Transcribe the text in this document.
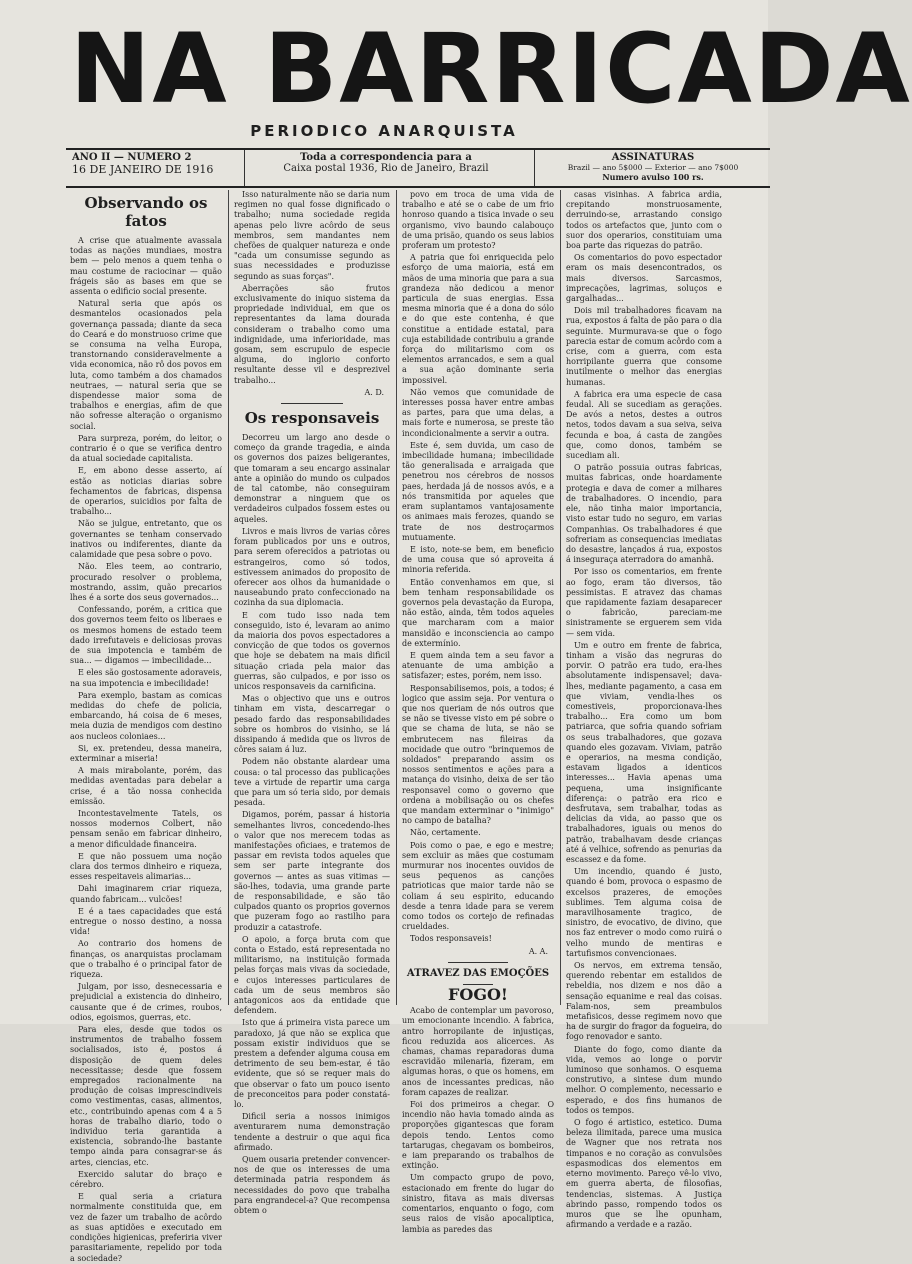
NA BARRICADA
PERIODICO ANARQUISTA
ANO II — NUMERO 2
16 DE JANEIRO DE 1916
Toda a correspondencia para a
Caixa postal 1936, Rio de Janeiro, Brazil
ASSINATURAS
Brazil — ano 5$000 — Exterior — ano 7$000
Numero avulso 100 rs.
Observando os fatos

A crise que atualmente avassala todas as nações mundiaes, mostra bem — pelo menos a quem tenha o mau costume de raciocinar — quão frágeis são as bases em que se assenta o edificio social presente.

Natural seria que após os desmantelos ocasionados pela governança passada; diante da seca do Ceará e do monstruoso crime que se consuma na velha Europa, transtornando consideravelmente a vida economica, não rô dos povos em luta, como também a dos chamados neutraes, — natural seria que se dispendesse maior soma de trabalhos e energias, afim de que não sofresse alteração o organismo social.

Para surpreza, porém, do leitor, o contrario é o que se verifica dentro da atual sociedade capitalista.

E, em abono desse asserto, aí estão as noticias diarias sobre fechamentos de fabricas, dispensa de operarios, suicidios por falta de trabalho...

Não se julgue, entretanto, que os governantes se tenham conservado inativos ou indiferentes, diante da calamidade que pesa sobre o povo.

Não. Eles teem, ao contrario, procurado resolver o problema, mostrando, assim, quão precarios lhes é a sorte dos seus governados...

Confessando, porém, a critica que dos governos teem feito os liberaes e os mesmos homens de estado teem dado irrefutaveis e deliciosas provas de sua impotencia e também de sua... — digamos — imbecilidade...

E eles são gostosamente adoraveis, na sua impotencia e imbecilidade!

Para exemplo, bastam as comicas medidas do chefe de policia, embarcando, há coisa de 6 meses, meia duzia de mendigos com destino aos nucleos coloniaes...

Si, ex. pretendeu, dessa maneira, exterminar a miseria!

A mais mirabolante, porém, das medidas aventadas para debelar a crise, é a tão nossa conhecida emissão.

Incontestavelmente Tatels, os nossos modernos Colbert, não pensam senão em fabricar dinheiro, a menor dificuldade financeira.

E que não possuem uma noção clara dos termos dinheiro e riqueza, esses respeitaveis alimarias...

Dahi imaginarem criar riqueza, quando fabricam... vulcões!

E é a taes capacidades que está entregue o nosso destino, a nossa vida!

Ao contrario dos homens de finanças, os anarquistas proclamam que o trabalho é o principal fator de riqueza.

Julgam, por isso, desnecessaria e prejudicial a existencia do dinheiro, causante que é de crimes, roubos, odios, egoismos, guerras, etc.

Para eles, desde que todos os instrumentos de trabalho fossem socialisados, isto é, postos á disposição de quem deles necessitasse; desde que fossem empregados racionalmente na produção de coisas imprescindiveis como vestimentas, casas, alimentos, etc., contribuindo apenas com 4 a 5 horas de trabalho diario, todo o individuo teria garantida a existencia, sobrando-lhe bastante tempo ainda para consagrar-se ás artes, ciencias, etc.

Exercido salutar do braço e cérebro.

E qual seria a criatura normalmente constituida que, em vez de fazer um trabalho de acôrdo as suas aptidões e executado em condições higienicas, preferiria viver parasitariamente, repelido por toda a sociedade?

Isso naturalmente não se daria num regimen no qual fosse dignificado o trabalho; numa sociedade regida apenas pelo livre acôrdo de seus membros, sem mandantes nem chefões de qualquer natureza e onde "cada um consumisse segundo as suas necessidades e produzisse segundo as suas forças".

Aberrações são frutos exclusivamente do iniquo sistema da propriedade individual, em que os representantes da lama dourada consideram o trabalho como uma indignidade, uma inferioridade, mas gosam, sem escrupulo de especie alguma, do inglorio conforto resultante desse vil e desprezivel trabalho...

A. D.
Os responsaveis

Decorreu um largo ano desde o começo da grande tragedia, e ainda os governos dos paizes beligerantes, que tomaram a seu encargo assinalar ante a opinião do mundo os culpados de tal catombe, não conseguiram demonstrar a ninguem que os verdadeiros culpados fossem estes ou aqueles.

Livros e mais livros de varias côres foram publicados por uns e outros, para serem oferecidos a patriotas ou estrangeiros, como só todos, estivessem animados do proposito de oferecer aos olhos da humanidade o nauseabundo prato confeccionado na cozinha da sua diplomacia.

E com tudo isso nada tem conseguido, isto é, levaram ao animo da maioria dos povos espectadores a convicção de que todos os governos que hoje se debatem na mais dificil situação criada pela maior das guerras, são culpados, e por isso os unicos responsaveis da carnificina.

Mas o objectivo que uns e outros tinham em vista, descarregar o pesado fardo das responsabilidades sobre os hombros do visinho, se lá dissipando á medida que os livros de côres saiam á luz.

Podem não obstante alardear uma cousa: o tal processo das publicações teve a virtude de repartir uma carga que para um só teria sido, por demais pesada.

Digamos, porém, passar á historia semelhantes livros, concedendo-lhes o valor que nos merecem todas as manifestações oficiaes, e tratemos de passar em revista todos aqueles que sem ser parte integrante dos governos — antes as suas vitimas — são-lhes, todavia, uma grande parte de responsabilidade, e são tão culpados quanto os proprios governos que puzeram fogo ao rastilho para produzir a catastrofe.

O apoio, a força bruta com que conta o Estado, está representada no militarismo, na instituição formada pelas forças mais vivas da sociedade, e cujos interesses particulares de cada um de seus membros são antagonicos aos da entidade que defendem.

Isto que á primeira vista parece um paradoxo, já que não se explica que possam existir individuos que se prestem a defender alguma cousa em detrimento de seu bem-estar, é tão evidente, que só se requer mais do que observar o fato um pouco isento de preconceitos para poder constatá-lo.

Dificil seria a nossos inimigos aventurarem numa demonstração tendente a destruir o que aqui fica afirmado.

Quem ousaria pretender convencer-nos de que os interesses de uma determinada patria respondem ás necessidades do povo que trabalha para engrandecel-a? Que recompensa obtem o

povo em troca de uma vida de trabalho e até se o cabe de um frio honroso quando a tisica invade o seu organismo, vivo baundo calabouço de uma prisão, quando os seus labios proferam um protesto?

A patria que foi enriquecida pelo esforço de uma maioria, está em mãos de uma minoria que para a sua grandeza não dedicou a menor particula de suas energias. Essa mesma minoria que é a dona do sólo e do que este contenha, é que constitue a entidade estatal, para cuja estabilidade contribuiu a grande força do militarismo com os elementos arrancados, e sem a qual a sua ação dominante seria impossivel.

Não vemos que comunidade de interesses possa haver entre ambas as partes, para que uma delas, a mais forte e numerosa, se preste tão incondicionalmente a servir a outra.

Este é, sem duvida, um caso de imbecilidade humana; imbecilidade tão generalisada e arraigada que penetrou nos cérebros de nossos paes, herdada já de nossos avós, e a nós transmitida por aqueles que eram suplantamos vantajosamente os animaes mais ferozes, quando se trate de nos destroçarmos mutuamente.

E isto, note-se bem, em beneficio de uma cousa que só aproveita á minoria referida.

Então convenhamos em que, si bem tenham responsabilidade os governos pela devastação da Europa, não estão, ainda, têm todos aqueles que marcharam com a maior mansidão e inconsciencia ao campo de extermínio.

E quem ainda tem a seu favor a atenuante de uma ambição a satisfazer; estes, porém, nem isso.

Responsabilisemos, pois, a todos; é logico que assim seja. Por ventura o que nos queriam de nós outros que se não se tivesse visto em pé sobre o que se chama de luta, se não se embrutecem nas fileiras da mocidade que outro "brinquemos de soldados" preparando assim os nossos sentimentos e ações para a matança do visinho, deixa de ser tão responsavel como o governo que ordena a mobilisação ou os chefes que mandam exterminar o "inimigo" no campo de batalha?

Não, certamente.

Pois como o pae, e ego e mestre; sem excluir as mães que costumam murmurar nos inocentes ouvidos de seus pequenos as canções patrioticas que maior tarde não se coliam á seu espirito, educando desde a tenra idade para se verem como todos os cortejo de refinadas crueldades.

Todos responsaveis!

A. A.
ATRAVEZ DAS EMOÇÕES
FOGO!

Acabo de contemplar um pavoroso, um emocionante incendio. A fabrica, antro horropilante de injustiças, ficou reduzida aos alicerces. As chamas, chamas reparadoras duma escravidão milenaria, fizeram, em algumas horas, o que os homens, em anos de incessantes predicas, não foram capazes de realizar.

Foi dos primeiros a chegar. O incendio não havia tomado ainda as proporções gigantescas que foram depois tendo. Lentos como tartarugas, chegavam os bombeiros, e iam preparando os trabalhos de extinção.

Um compacto grupo de povo, estacionado em frente do lugar do sinistro, fitava as mais diversas comentarios, enquanto o fogo, com seus raios de visão apocaliptica, lambia as paredes das

casas visinhas. A fabrica ardia, crepitando monstruosamente, derruindo-se, arrastando consigo todos os artefactos que, junto com o suor dos operarios, constituiam uma boa parte das riquezas do patrão.

Os comentarios do povo espectador eram os mais desencontrados, os mais diversos. Sarcasmos, imprecações, lagrimas, soluços e gargalhadas...

Dois mil trabalhadores ficavam na rua, expostos á falta de pão para o dia seguinte. Murmurava-se que o fogo parecia estar de comum acôrdo com a crise, com a guerra, com esta horripilante guerra que consome inutilmente o melhor das energias humanas.

A fabrica era uma especie de casa feudal. Ali se sucediam as gerações. De avós a netos, destes a outros netos, todos davam a sua seiva, seiva fecunda e boa, á casta de zangões que, como donos, também se sucediam ali.

O patrão possuia outras fabricas, muitas fabricas, onde hoardamente protegia e dava de comer a milhares de trabalhadores. O incendio, para ele, não tinha maior importancia, visto estar tudo no seguro, em varias Companhias. Os trabalhadores é que sofreriam as consequencias imediatas do desastre, lançados á rua, expostos á inseguraça aterradora do amanhã.

Por isso os comentarios, em frente ao fogo, eram tão diversos, tão pessimistas. E atravez das chamas que rapidamente faziam desaparecer o fabricão, pareciam-me sinistramente se erguerem sem vida — sem vida.

Um e outro em frente de fabrica, tinham a visão das negruras do porvir. O patrão era tudo, era-lhes absolutamente indispensavel; dava-lhes, mediante pagamento, a casa em que viviam, vendia-lhes os comestiveis, proporcionava-lhes trabalho... Era como um bom patriarca, que sofria quando sofriam os seus trabalhadores, que gozava quando eles gozavam. Viviam, patrão e operarios, na mesma condição, estavam ligados a identicos interesses... Havia apenas uma pequena, uma insignificante diferença: o patrão era rico e desfrutava, sem trabalhar, todas as delicias da vida, ao passo que os trabalhadores, iguais ou menos do patrão, trabalhavam desde crianças até á velhice, sofrendo as penurias da escassez e da fome.

Um incendio, quando é justo, quando é bom, provoca o espasmo de excelsos prazeres, de emoções sublimes. Tem alguma coisa de maravilhosamente tragico, de sinistro, de evocativo, de divino, que nos faz entrever o modo como ruirá o velho mundo de mentiras e tartufismos convencionaes.

Os nervos, em extrema tensão, querendo rebentar em estalidos de rebeldia, nos dizem e nos dão a sensação equanime e real das coisas. Falam-nos, sem preambulos metafisicos, desse regimem novo que ha de surgir do fragor da fogueira, do fogo renovador e santo.

Diante do fogo, como diante da vida, vemos ao longe o porvir luminoso que sonhamos. O esquema construtivo, a sintese dum mundo melhor. O complemento, necessario e esperado, e dos fins humanos de todos os tempos.

O fogo é artistico, estetico. Duma beleza ilimitada, parece uma musica de Wagner que nos retrata nos timpanos e no coração as convulsões espasmodicas dos elementos em eterno movimento. Pareço vê-lo vivo, em guerra aberta, de filosofias, tendencias, sistemas. A Justiça abrindo passo, rompendo todos os muros que se lhe opunham, afirmando a verdade e a razão.
